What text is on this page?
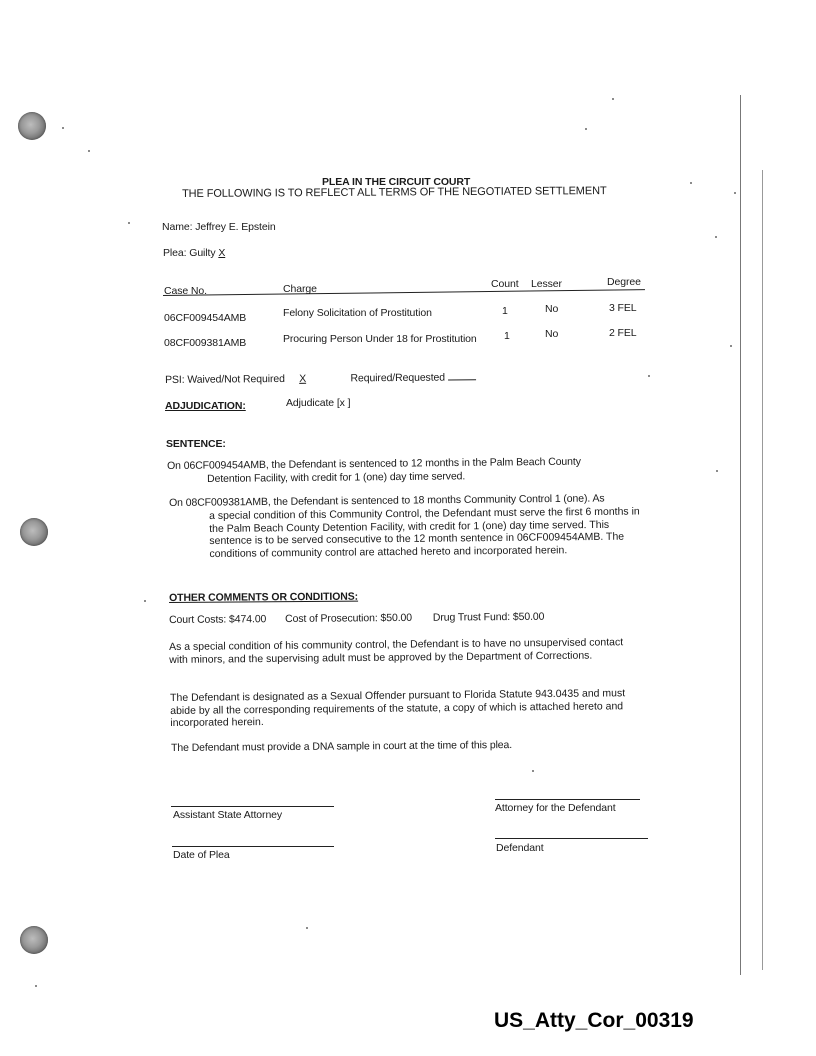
PLEA IN THE CIRCUIT COURT
THE FOLLOWING IS TO REFLECT ALL TERMS OF THE NEGOTIATED SETTLEMENT
Name: Jeffrey E. Epstein
Plea: Guilty X
Case No.	Charge	Count Lesser	Degree
06CF009454AMB	Felony Solicitation of Prostitution	1	No	3 FEL
08CF009381AMB	Procuring Person Under 18 for Prostitution	1	No	2 FEL
PSI: Waived/Not Required X	Required/Requested
ADJUDICATION:	Adjudicate [x ]
SENTENCE:
On 06CF009454AMB, the Defendant is sentenced to 12 months in the Palm Beach County
Detention Facility, with credit for 1 (one) day time served.
On 08CF009381AMB, the Defendant is sentenced to 18 months Community Control 1 (one). As
a special condition of this Community Control, the Defendant must serve the first 6 months in the Palm Beach County Detention Facility, with credit for 1 (one) day time served. This sentence is to be served consecutive to the 12 month sentence in 06CF009454AMB. The conditions of community control are attached hereto and incorporated herein.
OTHER COMMENTS OR CONDITIONS:
Court Costs: $474.00 Cost of Prosecution: $50.00 Drug Trust Fund: $50.00
As a special condition of his community control, the Defendant is to have no unsupervised contact with minors, and the supervising adult must be approved by the Department of Corrections.
The Defendant is designated as a Sexual Offender pursuant to Florida Statute 943.0435 and must abide by all the corresponding requirements of the statute, a copy of which is attached hereto and incorporated herein.
The Defendant must provide a DNA sample in court at the time of this plea.
Assistant State Attorney
Attorney for the Defendant
Date of Plea
Defendant
US_Atty_Cor_00319
